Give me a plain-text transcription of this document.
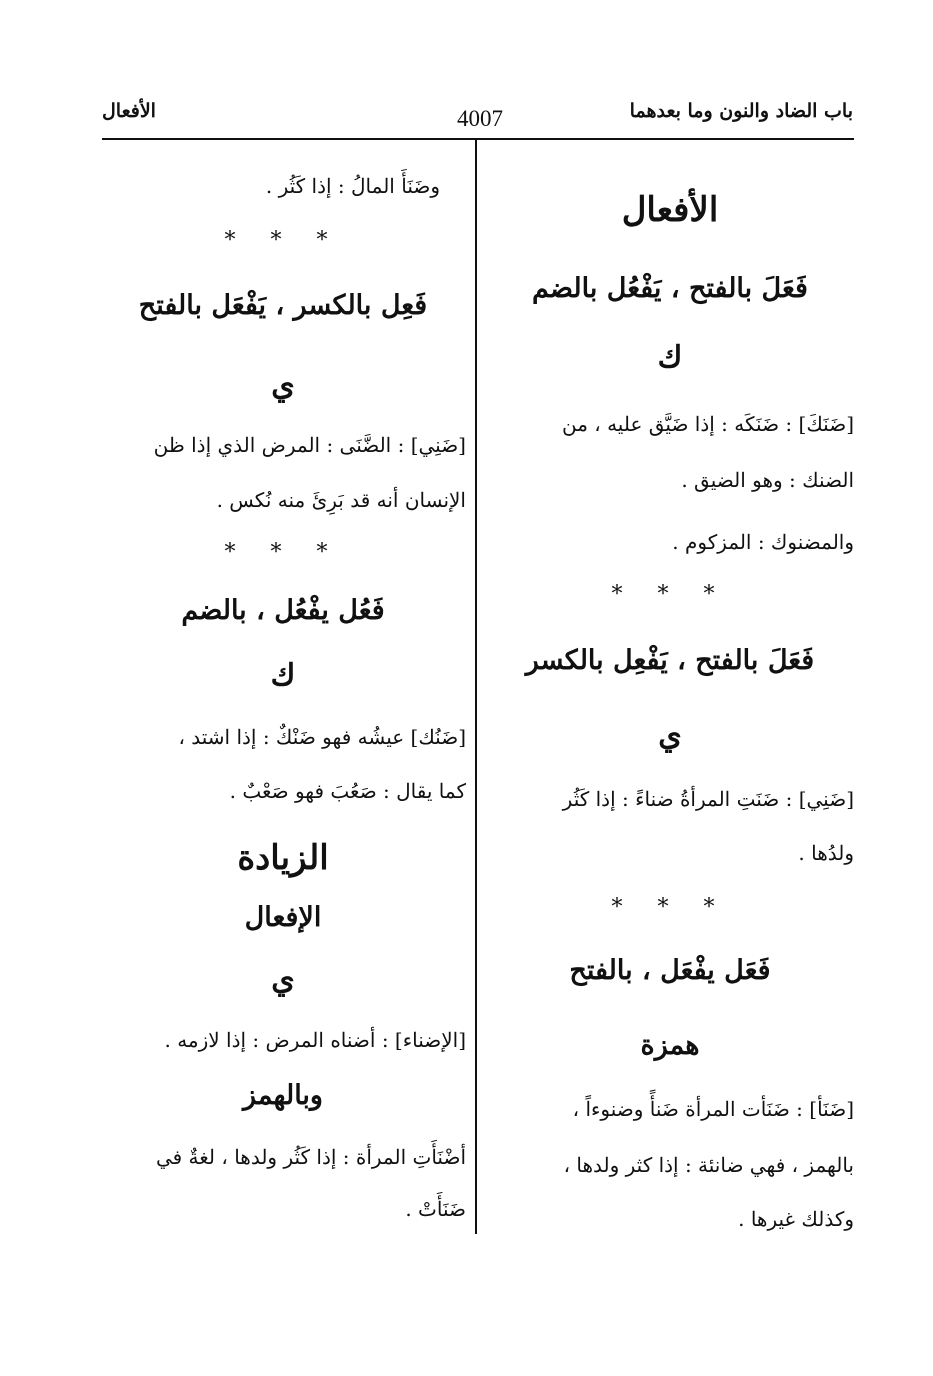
باب الضاد والنون وما بعدهما
4007
الأفعال
الأفعال
فَعَلَ بالفتح ، يَفْعُل بالضم
ك
[ضَنَكَ] : ضَنَكَه : إذا ضَيَّق عليه ، من
الضنك : وهو الضيق .
والمضنوك : المزكوم .
* * *
فَعَلَ بالفتح ، يَفْعِل بالكسر
ي
[ضَنِي] : ضَنَتِ المرأةُ ضناءً : إذا كَثُر
ولدُها .
* * *
فَعَل يفْعَل ، بالفتح
همزة
[ضَنَأ] : ضَنَأت المرأة ضَنأً وضنوءاً ،
بالهمز ، فهي ضانئة : إذا كثر ولدها ،
وكذلك غيرها .
وضَنَأَ المالُ : إذا كَثُر .
* * *
فَعِل بالكسر ، يَفْعَل بالفتح
ي
[ضَنِي] : الضَّنَى : المرض الذي إذا ظن
الإنسان أنه قد بَرِئَ منه نُكس .
* * *
فَعُل يفْعُل ، بالضم
ك
[ضَنُك] عيشُه فهو ضَنْكٌ : إذا اشتد ،
كما يقال : صَعُبَ فهو صَعْبٌ .
الزيادة
الإفعال
ي
[الإضناء] : أضناه المرض : إذا لازمه .
وبالهمز
أضْنَأَتِ المرأة : إذا كَثُر ولدها ، لغةٌ في
ضَنَأَتْ .
